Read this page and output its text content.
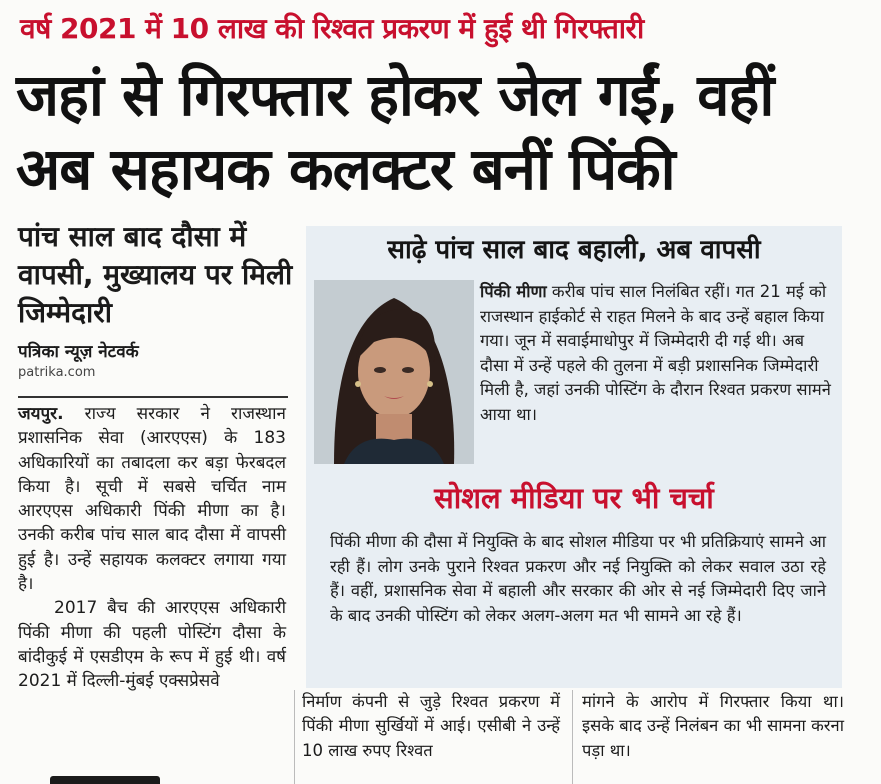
वर्ष 2021 में 10 लाख की रिश्वत प्रकरण में हुई थी गिरफ्तारी
जहां से गिरफ्तार होकर जेल गईं, वहीं
अब सहायक कलक्टर बनीं पिंकी
पांच साल बाद दौसा में वापसी, मुख्यालय पर मिली जिम्मेदारी
पत्रिका न्यूज़ नेटवर्क
patrika.com

जयपुर. राज्य सरकार ने राजस्थान प्रशासनिक सेवा (आरएएस) के 183 अधिकारियों का तबादला कर बड़ा फेरबदल किया है। सूची में सबसे चर्चित नाम आरएएस अधिकारी पिंकी मीणा का है। उनकी करीब पांच साल बाद दौसा में वापसी हुई है। उन्हें सहायक कलक्टर लगाया गया है।

2017 बैच की आरएएस अधिकारी पिंकी मीणा की पहली पोस्टिंग दौसा के बांदीकुई में एसडीएम के रूप में हुई थी। वर्ष 2021 में दिल्ली-मुंबई एक्सप्रेसवे

साढ़े पांच साल बाद बहाली, अब वापसी
पिंकी मीणा करीब पांच साल निलंबित रहीं। गत 21 मई को राजस्थान हाईकोर्ट से राहत मिलने के बाद उन्हें बहाल किया गया। जून में सवाईमाधोपुर में जिम्मेदारी दी गई थी। अब दौसा में उन्हें पहले की तुलना में बड़ी प्रशासनिक जिम्मेदारी मिली है, जहां उनकी पोस्टिंग के दौरान रिश्वत प्रकरण सामने आया था।
सोशल मीडिया पर भी चर्चा
पिंकी मीणा की दौसा में नियुक्ति के बाद सोशल मीडिया पर भी प्रतिक्रियाएं सामने आ रही हैं। लोग उनके पुराने रिश्वत प्रकरण और नई नियुक्ति को लेकर सवाल उठा रहे हैं। वहीं, प्रशासनिक सेवा में बहाली और सरकार की ओर से नई जिम्मेदारी दिए जाने के बाद उनकी पोस्टिंग को लेकर अलग-अलग मत भी सामने आ रहे हैं।
निर्माण कंपनी से जुड़े रिश्वत प्रकरण में पिंकी मीणा सुर्खियों में आई। एसीबी ने उन्हें 10 लाख रुपए रिश्वत
मांगने के आरोप में गिरफ्तार किया था। इसके बाद उन्हें निलंबन का भी सामना करना पड़ा था।
